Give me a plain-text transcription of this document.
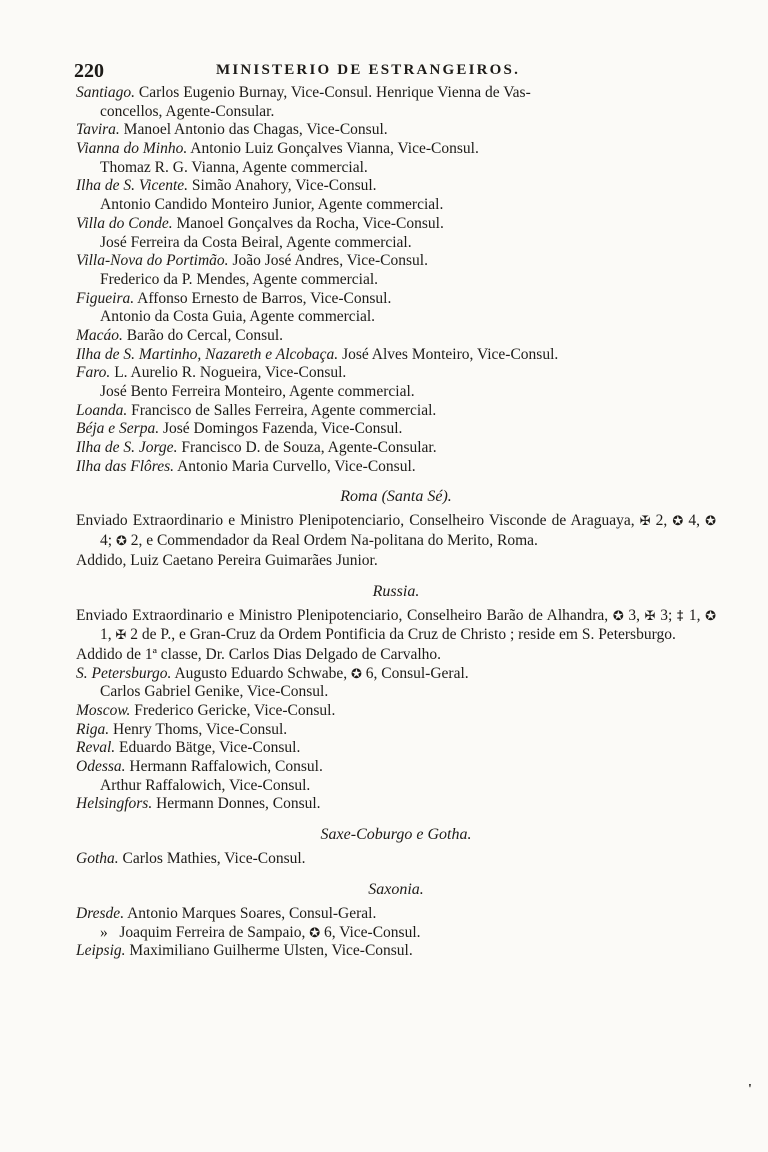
220	MINISTERIO DE ESTRANGEIROS.
Santiago. Carlos Eugenio Burnay, Vice-Consul. Henrique Vienna de Vas-
concellos, Agente-Consular.
Tavira. Manoel Antonio das Chagas, Vice-Consul.
Vianna do Minho. Antonio Luiz Gonçalves Vianna, Vice-Consul.
Thomaz R. G. Vianna, Agente commercial.
Ilha de S. Vicente. Simão Anahory, Vice-Consul.
Antonio Candido Monteiro Junior, Agente commercial.
Villa do Conde. Manoel Gonçalves da Rocha, Vice-Consul.
José Ferreira da Costa Beiral, Agente commercial.
Villa-Nova do Portimão. João José Andres, Vice-Consul.
Frederico da P. Mendes, Agente commercial.
Figueira. Affonso Ernesto de Barros, Vice-Consul.
Antonio da Costa Guia, Agente commercial.
Macáo. Barão do Cercal, Consul.
Ilha de S. Martinho, Nazareth e Alcobaça. José Alves Monteiro, Vice-Consul.
Faro. L. Aurelio R. Nogueira, Vice-Consul.
José Bento Ferreira Monteiro, Agente commercial.
Loanda. Francisco de Salles Ferreira, Agente commercial.
Béja e Serpa. José Domingos Fazenda, Vice-Consul.
Ilha de S. Jorge. Francisco D. de Souza, Agente-Consular.
Ilha das Flôres. Antonio Maria Curvello, Vice-Consul.
Roma (Santa Sé).
Enviado Extraordinario e Ministro Plenipotenciario, Conselheiro Visconde de Araguaya, ✠ 2, ✪ 4, ✪ 4; ✪ 2, e Commendador da Real Ordem Na-politana do Merito, Roma.
Addido, Luiz Caetano Pereira Guimarães Junior.
Russia.
Enviado Extraordinario e Ministro Plenipotenciario, Conselheiro Barão de Alhandra, ✪ 3, ✠ 3; ‡ 1, ✪ 1, ✠ 2 de P., e Gran-Cruz da Ordem Pontificia da Cruz de Christo ; reside em S. Petersburgo.
Addido de 1ª classe, Dr. Carlos Dias Delgado de Carvalho.
S. Petersburgo. Augusto Eduardo Schwabe, ✪ 6, Consul-Geral.
Carlos Gabriel Genike, Vice-Consul.
Moscow. Frederico Gericke, Vice-Consul.
Riga. Henry Thoms, Vice-Consul.
Reval. Eduardo Bätge, Vice-Consul.
Odessa. Hermann Raffalowich, Consul.
Arthur Raffalowich, Vice-Consul.
Helsingfors. Hermann Donnes, Consul.
Saxe-Coburgo e Gotha.
Gotha. Carlos Mathies, Vice-Consul.
Saxonia.
Dresde. Antonio Marques Soares, Consul-Geral.
» Joaquim Ferreira de Sampaio, ✪ 6, Vice-Consul.
Leipsig. Maximiliano Guilherme Ulsten, Vice-Consul.
'
